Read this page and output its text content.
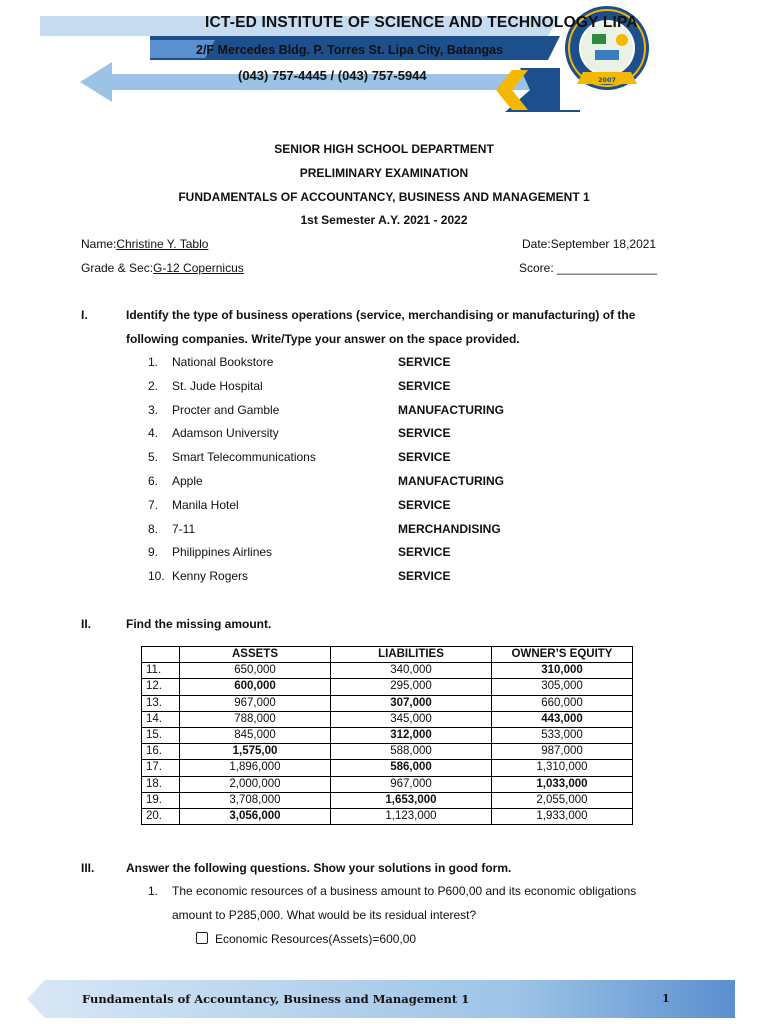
2007
ICT-ED INSTITUTE OF SCIENCE AND TECHNOLOGY LIPA
2/F Mercedes Bldg. P. Torres St. Lipa City, Batangas
(043) 757-4445 / (043) 757-5944
SENIOR HIGH SCHOOL DEPARTMENT
PRELIMINARY EXAMINATION
FUNDAMENTALS OF ACCOUNTANCY, BUSINESS AND MANAGEMENT 1
1st Semester A.Y. 2021 - 2022
Name:Christine Y. Tablo	Date:September 18,2021
Grade & Sec:G-12 Copernicus	Score: _______________
I.	Identify the type of business operations (service, merchandising or manufacturing) of the
following companies. Write/Type your answer on the space provided.
1. National Bookstore	SERVICE
2. St. Jude Hospital	SERVICE
3. Procter and Gamble	MANUFACTURING
4. Adamson University	SERVICE
5. Smart Telecommunications	SERVICE
6. Apple	MANUFACTURING
7. Manila Hotel	SERVICE
8. 7-11	MERCHANDISING
9. Philippines Airlines	SERVICE
10. Kenny Rogers	SERVICE
II.	Find the missing amount.
	ASSETS	LIABILITIES	OWNER’S EQUITY
11.	650,000	340,000	310,000
12.	600,000	295,000	305,000
13.	967,000	307,000	660,000
14.	788,000	345,000	443,000
15.	845,000	312,000	533,000
16.	1,575,00	588,000	987,000
17.	1,896,000	586,000	1,310,000
18.	2,000,000	967,000	1,033,000
19.	3,708,000	1,653,000	2,055,000
20.	3,056,000	1,123,000	1,933,000
III.	Answer the following questions. Show your solutions in good form.
1. The economic resources of a business amount to P600,00 and its economic obligations
amount to P285,000. What would be its residual interest?
Economic Resources(Assets)=600,00
Fundamentals of Accountancy, Business and Management 1	1
